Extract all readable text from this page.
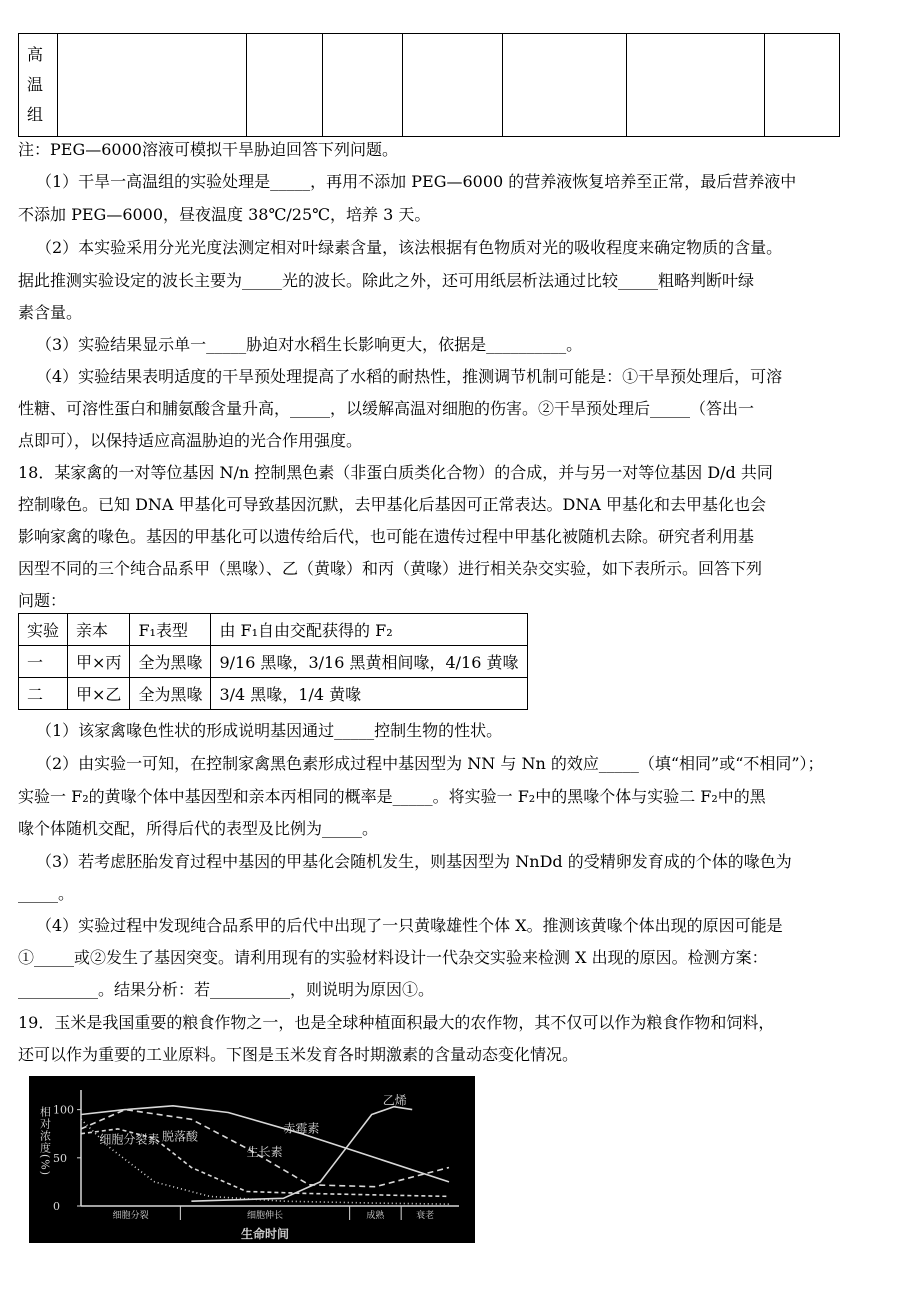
高
温
组

注：PEG—6000溶液可模拟干旱胁迫回答下列问题。
（1）干旱一高温组的实验处理是_____，再用不添加 PEG—6000 的营养液恢复培养至正常，最后营养液中
不添加 PEG—6000，昼夜温度 38℃/25℃，培养 3 天。
（2）本实验采用分光光度法测定相对叶绿素含量，该法根据有色物质对光的吸收程度来确定物质的含量。
据此推测实验设定的波长主要为_____光的波长。除此之外，还可用纸层析法通过比较_____粗略判断叶绿
素含量。
（3）实验结果显示单一_____胁迫对水稻生长影响更大，依据是__________。
（4）实验结果表明适度的干旱预处理提高了水稻的耐热性，推测调节机制可能是：①干旱预处理后，可溶
性糖、可溶性蛋白和脯氨酸含量升高，_____，以缓解高温对细胞的伤害。②干旱预处理后_____（答出一
点即可），以保持适应高温胁迫的光合作用强度。
18．某家禽的一对等位基因 N/n 控制黑色素（非蛋白质类化合物）的合成，并与另一对等位基因 D/d 共同
控制喙色。已知 DNA 甲基化可导致基因沉默，去甲基化后基因可正常表达。DNA 甲基化和去甲基化也会
影响家禽的喙色。基因的甲基化可以遗传给后代，也可能在遗传过程中甲基化被随机去除。研究者利用基
因型不同的三个纯合品系甲（黑喙）、乙（黄喙）和丙（黄喙）进行相关杂交实验，如下表所示。回答下列
问题：
实验	亲本	F₁表型	由 F₁自由交配获得的 F₂
一	甲×丙	全为黑喙	9/16 黑喙，3/16 黑黄相间喙，4/16 黄喙
二	甲×乙	全为黑喙	3/4 黑喙，1/4 黄喙
（1）该家禽喙色性状的形成说明基因通过_____控制生物的性状。
（2）由实验一可知，在控制家禽黑色素形成过程中基因型为 NN 与 Nn 的效应_____（填“相同”或“不相同”）；
实验一 F₂的黄喙个体中基因型和亲本丙相同的概率是_____。将实验一 F₂中的黑喙个体与实验二 F₂中的黑
喙个体随机交配，所得后代的表型及比例为_____。
（3）若考虑胚胎发育过程中基因的甲基化会随机发生，则基因型为 NnDd 的受精卵发育成的个体的喙色为
_____。
（4）实验过程中发现纯合品系甲的后代中出现了一只黄喙雄性个体 X。推测该黄喙个体出现的原因可能是
①_____或②发生了基因突变。请利用现有的实验材料设计一代杂交实验来检测 X 出现的原因。检测方案：
__________。结果分析：若__________，则说明为原因①。
19．玉米是我国重要的粮食作物之一，也是全球种植面积最大的农作物，其不仅可以作为粮食作物和饲料，
还可以作为重要的工业原料。下图是玉米发育各时期激素的含量动态变化情况。
100
50
0
相对浓度(%)
细胞分裂	细胞伸长	成熟	衰老
生命时间
赤霉素
乙烯
生长素
脱落酸
细胞分裂素
